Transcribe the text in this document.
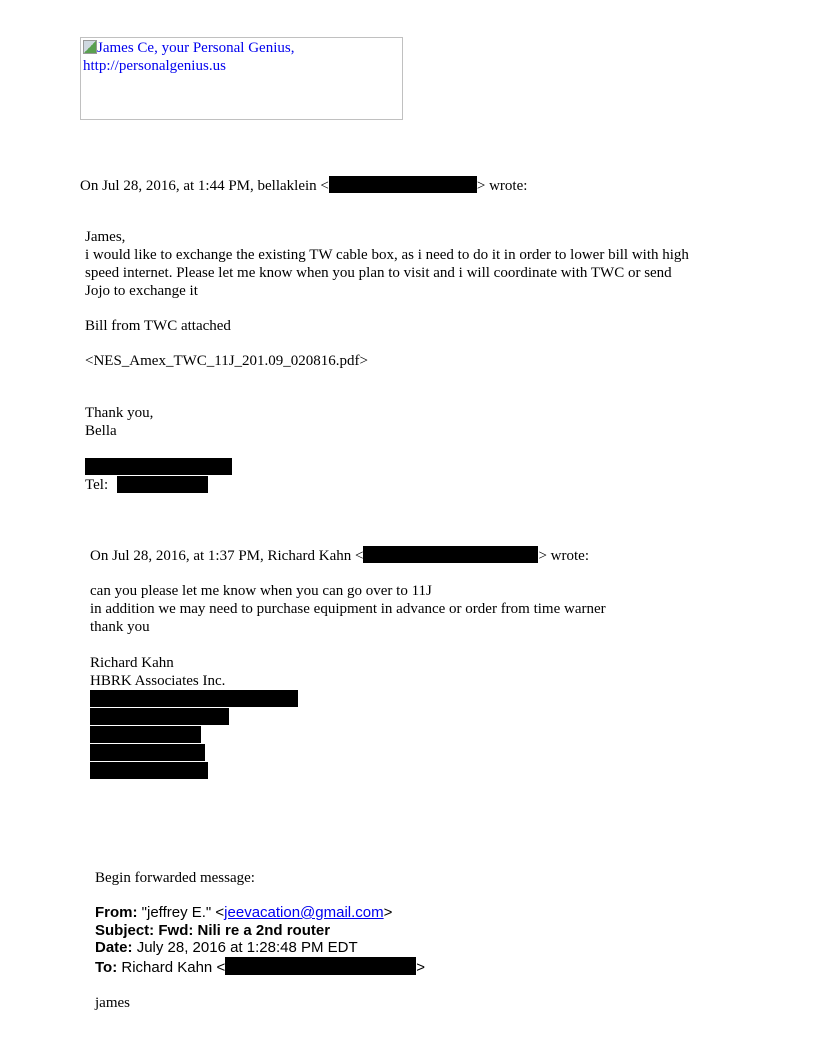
James Ce, your Personal Genius,
http://personalgenius.us
On Jul 28, 2016, at 1:44 PM, bellaklein <	> wrote:
James,
i would like to exchange the existing TW cable box, as i need to do it in order to lower bill with high
speed internet. Please let me know when you plan to visit and i will coordinate with TWC or send
Jojo to exchange it
Bill from TWC attached
<NES_Amex_TWC_11J_201.09_020816.pdf>
Thank you,
Bella
Tel:
On Jul 28, 2016, at 1:37 PM, Richard Kahn <	> wrote:
can you please let me know when you can go over to 11J
in addition we may need to purchase equipment in advance or order from time warner
thank you
Richard Kahn
HBRK Associates Inc.
Begin forwarded message:
From: "jeffrey E." <jeevacation@gmail.com>
Subject: Fwd: Nili re a 2nd router
Date: July 28, 2016 at 1:28:48 PM EDT
To: Richard Kahn <	>
james
